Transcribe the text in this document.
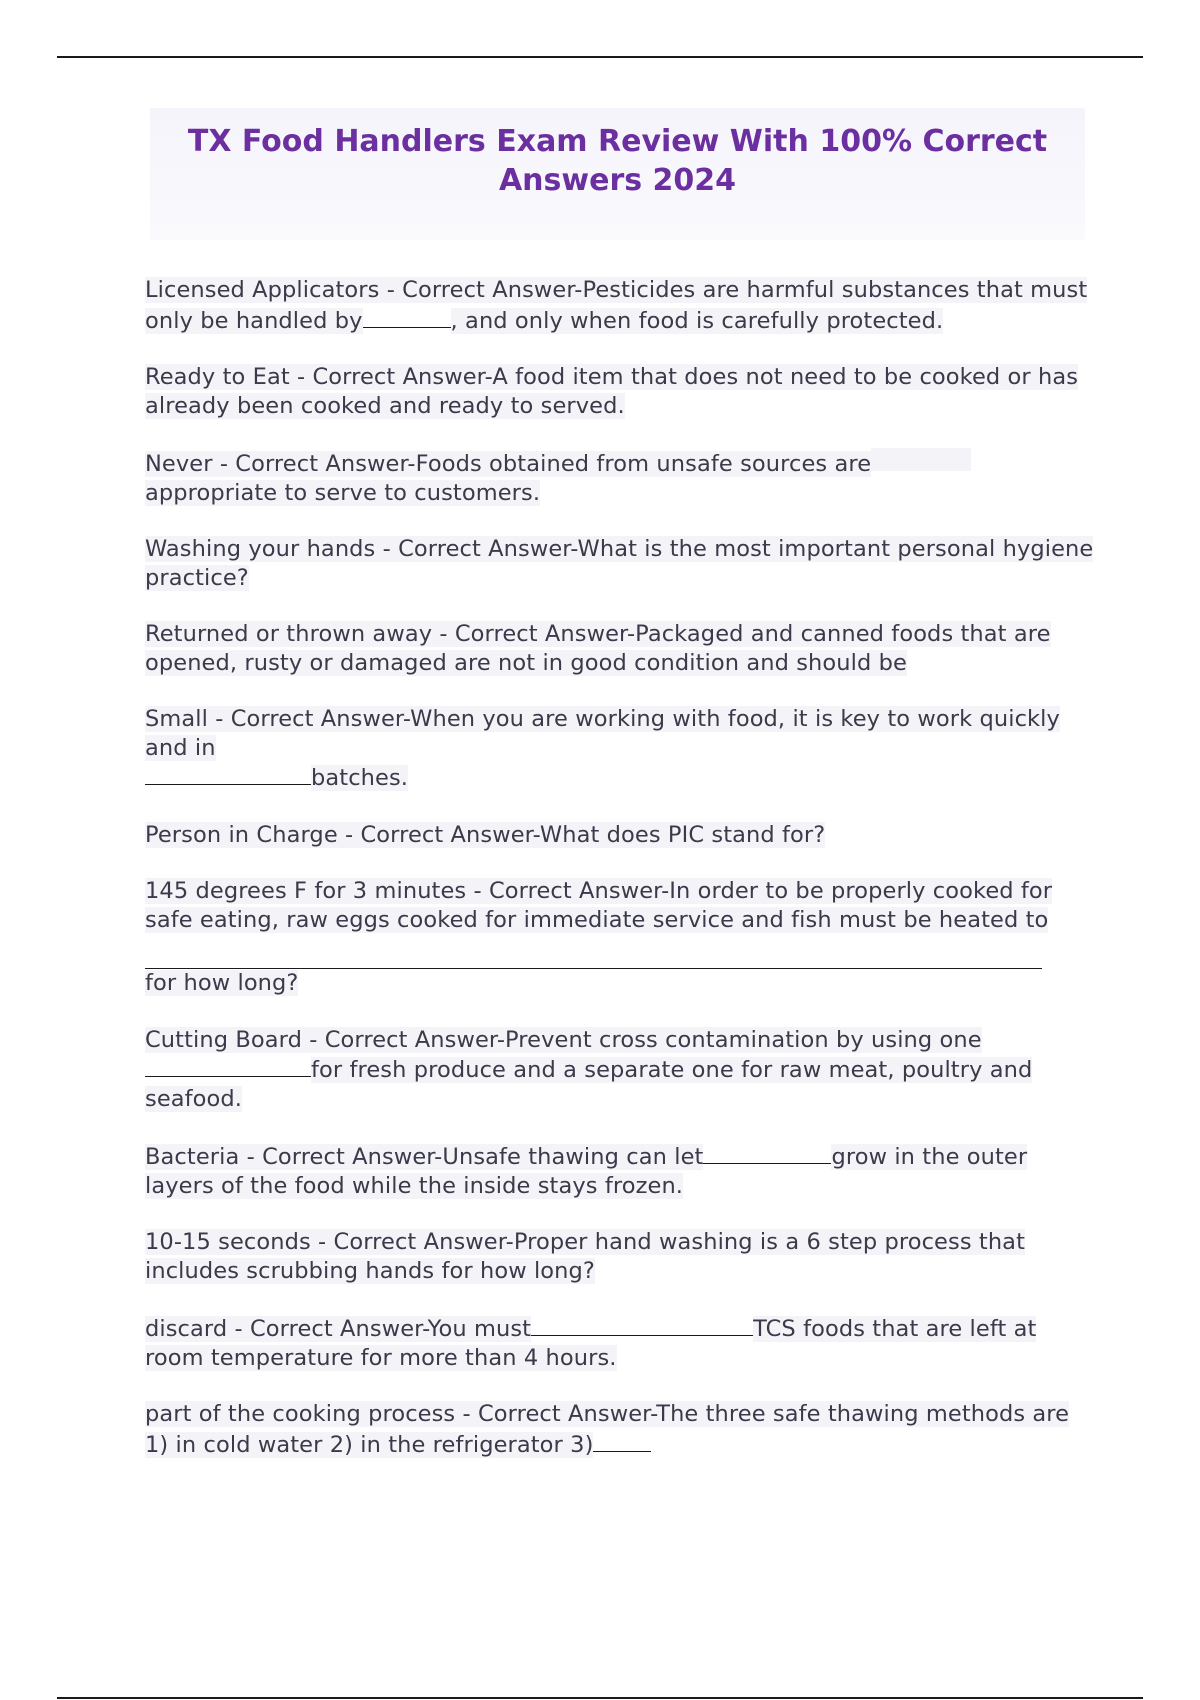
TX Food Handlers Exam Review With 100% Correct Answers 2024

Licensed Applicators - Correct Answer-Pesticides are harmful substances that must only be handled by	, and only when food is carefully protected.

Ready to Eat - Correct Answer-A food item that does not need to be cooked or has already been cooked and ready to served.

Never - Correct Answer-Foods obtained from unsafe sources are
appropriate to serve to customers.

Washing your hands - Correct Answer-What is the most important personal hygiene practice?

Returned or thrown away - Correct Answer-Packaged and canned foods that are opened, rusty or damaged are not in good condition and should be

Small - Correct Answer-When you are working with food, it is key to work quickly and in
batches.

Person in Charge - Correct Answer-What does PIC stand for?

145 degrees F for 3 minutes - Correct Answer-In order to be properly cooked for safe eating, raw eggs cooked for immediate service and fish must be heated to
for how long?

Cutting Board - Correct Answer-Prevent cross contamination by using one
for fresh produce and a separate one for raw meat, poultry and seafood.

Bacteria - Correct Answer-Unsafe thawing can let	grow in the outer layers of the food while the inside stays frozen.

10-15 seconds - Correct Answer-Proper hand washing is a 6 step process that includes scrubbing hands for how long?

discard - Correct Answer-You must	TCS foods that are left at room temperature for more than 4 hours.

part of the cooking process - Correct Answer-The three safe thawing methods are 1) in cold water 2) in the refrigerator 3)
